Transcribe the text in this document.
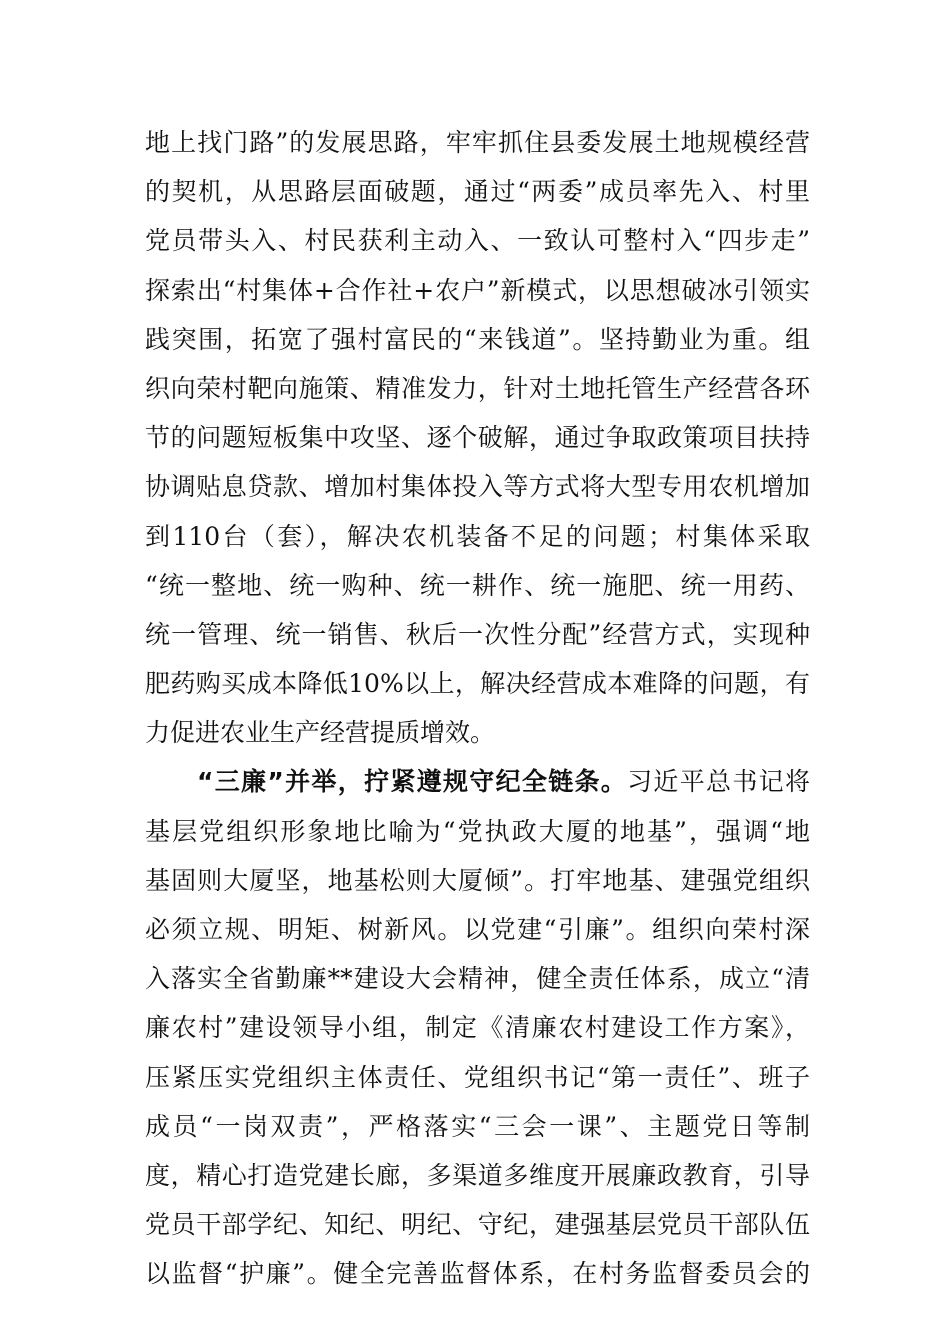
地上找门路”的发展思路，牢牢抓住县委发展土地规模经营
的契机，从思路层面破题，通过“两委”成员率先入、村里
党员带头入、村民获利主动入、一致认可整村入“四步走”
探索出“村集体+合作社+农户”新模式，以思想破冰引领实
践突围，拓宽了强村富民的“来钱道”。坚持勤业为重。组
织向荣村靶向施策、精准发力，针对土地托管生产经营各环
节的问题短板集中攻坚、逐个破解，通过争取政策项目扶持
协调贴息贷款、增加村集体投入等方式将大型专用农机增加
到110台（套），解决农机装备不足的问题；村集体采取
“统一整地、统一购种、统一耕作、统一施肥、统一用药、
统一管理、统一销售、秋后一次性分配”经营方式，实现种
肥药购买成本降低10%以上，解决经营成本难降的问题，有
力促进农业生产经营提质增效。
“三廉”并举，拧紧遵规守纪全链条。习近平总书记将
基层党组织形象地比喻为“党执政大厦的地基”，强调“地
基固则大厦坚，地基松则大厦倾”。打牢地基、建强党组织
必须立规、明矩、树新风。以党建“引廉”。组织向荣村深
入落实全省勤廉**建设大会精神，健全责任体系，成立“清
廉农村”建设领导小组，制定《清廉农村建设工作方案》，
压紧压实党组织主体责任、党组织书记“第一责任”、班子
成员“一岗双责”，严格落实“三会一课”、主题党日等制
度，精心打造党建长廊，多渠道多维度开展廉政教育，引导
党员干部学纪、知纪、明纪、守纪，建强基层党员干部队伍
以监督“护廉”。健全完善监督体系，在村务监督委员会的
